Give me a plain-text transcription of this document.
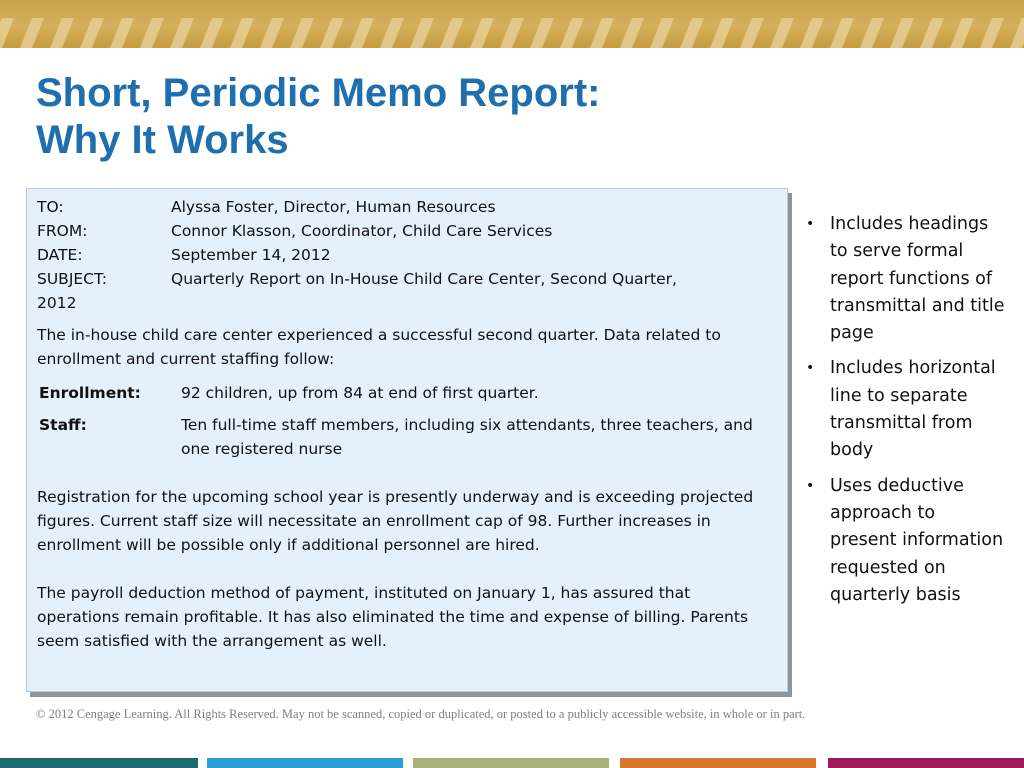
Short, Periodic Memo Report:
Why It Works
TO:	Alyssa Foster, Director, Human Resources
FROM:	Connor Klasson, Coordinator, Child Care Services
DATE:	September 14, 2012
SUBJECT:	Quarterly Report on In-House Child Care Center, Second Quarter,
2012
The in-house child care center experienced a successful second quarter. Data related to enrollment and current staffing follow:
Enrollment:	92 children, up from 84 at end of first quarter.
Staff:	Ten full-time staff members, including six attendants, three teachers, and one registered nurse
Registration for the upcoming school year is presently underway and is exceeding projected figures. Current staff size will necessitate an enrollment cap of 98. Further increases in enrollment will be possible only if additional personnel are hired.
The payroll deduction method of payment, instituted on January 1, has assured that operations remain profitable. It has also eliminated the time and expense of billing. Parents seem satisfied with the arrangement as well.
• Includes headings to serve formal report functions of transmittal and title page
• Includes horizontal line to separate transmittal from body
• Uses deductive approach to present information requested on quarterly basis
© 2012 Cengage Learning. All Rights Reserved. May not be scanned, copied or duplicated, or posted to a publicly accessible website, in whole or in part.
